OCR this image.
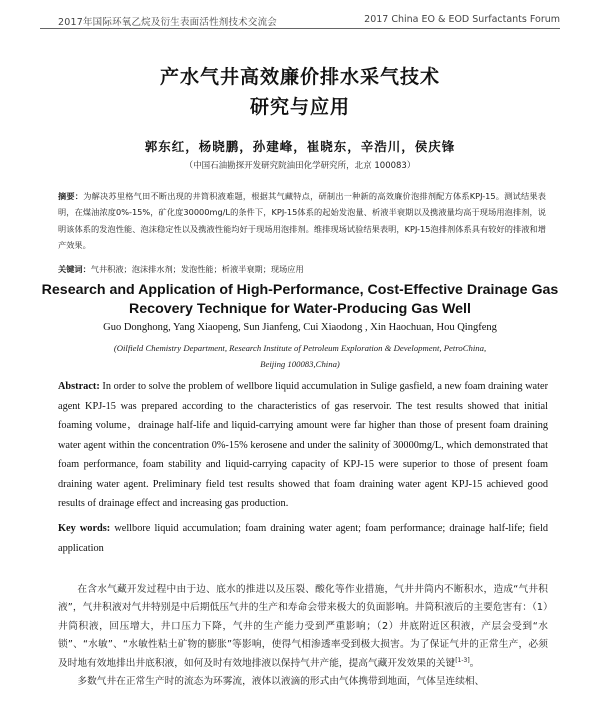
2017年国际环氧乙烷及衍生表面活性剂技术交流会	2017 China EO & EOD Surfactants Forum
产水气井高效廉价排水采气技术
研究与应用
郭东红，杨晓鹏，孙建峰，崔晓东，辛浩川，侯庆锋
（中国石油勘探开发研究院油田化学研究所，北京 100083）
摘要：为解决苏里格气田不断出现的井筒积液难题，根据其气藏特点，研制出一种新的高效廉价泡排剂配方体系KPJ-15。测试结果表明，在煤油浓度0%-15%，矿化度30000mg/L的条件下，KPJ-15体系的起始发泡量、析液半衰期以及携液量均高于现场用泡排剂，说明该体系的发泡性能、泡沫稳定性以及携液性能均好于现场用泡排剂。维排现场试验结果表明，KPJ-15泡排剂体系具有较好的排液和增产效果。
关键词：气井积液；泡沫排水剂；发泡性能；析液半衰期；现场应用
Research and Application of High-Performance, Cost-Effective Drainage Gas Recovery Technique for Water-Producing Gas Well
Guo Donghong, Yang Xiaopeng, Sun Jianfeng, Cui Xiaodong , Xin Haochuan, Hou Qingfeng
(Oilfield Chemistry Department, Research Institute of Petroleum Exploration & Development, PetroChina, Beijing 100083,China)
Abstract: In order to solve the problem of wellbore liquid accumulation in Sulige gasfield, a new foam draining water agent KPJ-15 was prepared according to the characteristics of gas reservoir. The test results showed that initial foaming volume，drainage half-life and liquid-carrying amount were far higher than those of present foam draining water agent within the concentration 0%-15% kerosene and under the salinity of 30000mg/L, which demonstrated that foam performance, foam stability and liquid-carrying capacity of KPJ-15 were superior to those of present foam draining water agent. Preliminary field test results showed that foam draining water agent KPJ-15 achieved good results of drainage effect and increasing gas production.
Key words: wellbore liquid accumulation; foam draining water agent; foam performance; drainage half-life; field application

在含水气藏开发过程中由于边、底水的推进以及压裂、酸化等作业措施，气井井筒内不断积水，造成“气井积液”，气井积液对气井特别是中后期低压气井的生产和寿命会带来极大的负面影响。井筒积液后的主要危害有：（1）井筒积液，回压增大，井口压力下降，气井的生产能力受到严重影响；（2）井底附近区积液，产层会受到“水锁”、“水敏”、“水敏性粘土矿物的膨胀”等影响，使得气相渗透率受到极大损害。为了保证气井的正常生产，必须及时地有效地排出井底积液，如何及时有效地排液以保持气井产能，提高气藏开发效果的关键[1-3]。

多数气井在正常生产时的流态为环雾流，液体以液滴的形式由气体携带到地面，气体呈连续相、
